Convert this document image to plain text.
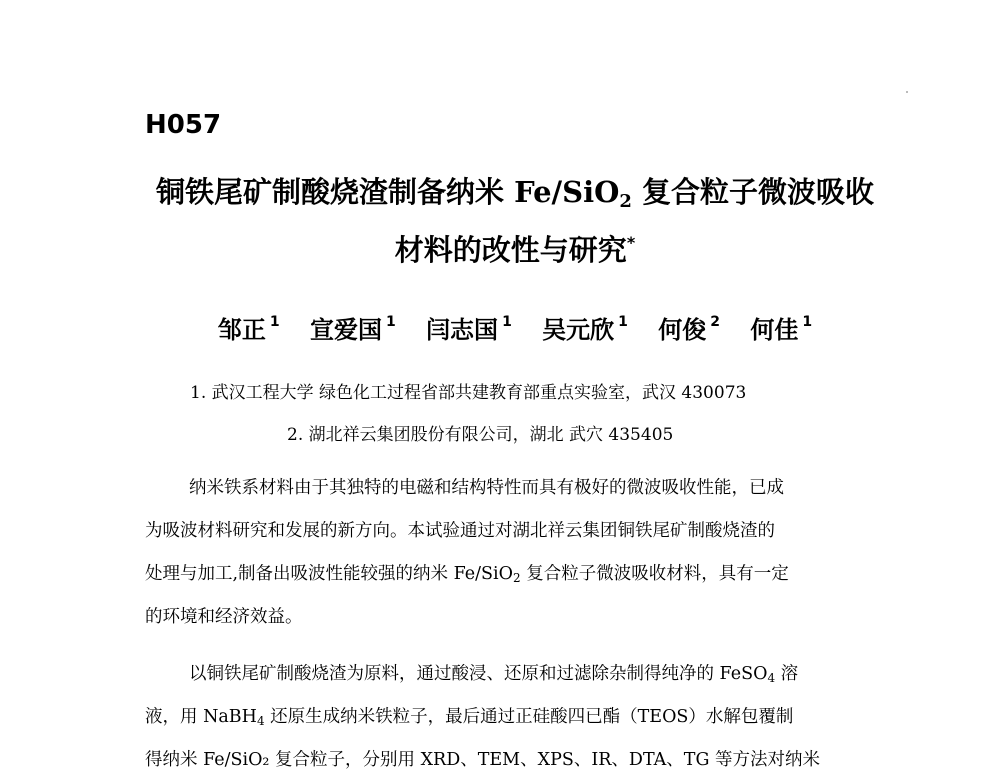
H057
铜铁尾矿制酸烧渣制备纳米 Fe/SiO$_2$ 复合粒子微波吸收
材料的改性与研究*
邹正 $^1$ 宣爱国 $^1$ 闫志国 $^1$ 吴元欣 $^1$ 何俊 $^2$ 何佳 $^1$
1. 武汉工程大学 绿色化工过程省部共建教育部重点实验室，武汉 430073
2. 湖北祥云集团股份有限公司，湖北 武穴 435405
纳米铁系材料由于其独特的电磁和结构特性而具有极好的微波吸收性能，已成
为吸波材料研究和发展的新方向。本试验通过对湖北祥云集团铜铁尾矿制酸烧渣的
处理与加工,制备出吸波性能较强的纳米 Fe/SiO$_2$ 复合粒子微波吸收材料，具有一定
的环境和经济效益。
以铜铁尾矿制酸烧渣为原料，通过酸浸、还原和过滤除杂制得纯净的 FeSO$_4$ 溶
液，用 NaBH$_4$ 还原生成纳米铁粒子，最后通过正硅酸四已酯（TEOS）水解包覆制
得纳米 Fe/SiO₂ 复合粒子，分别用 XRD、TEM、XPS、IR、DTA、TG 等方法对纳米
